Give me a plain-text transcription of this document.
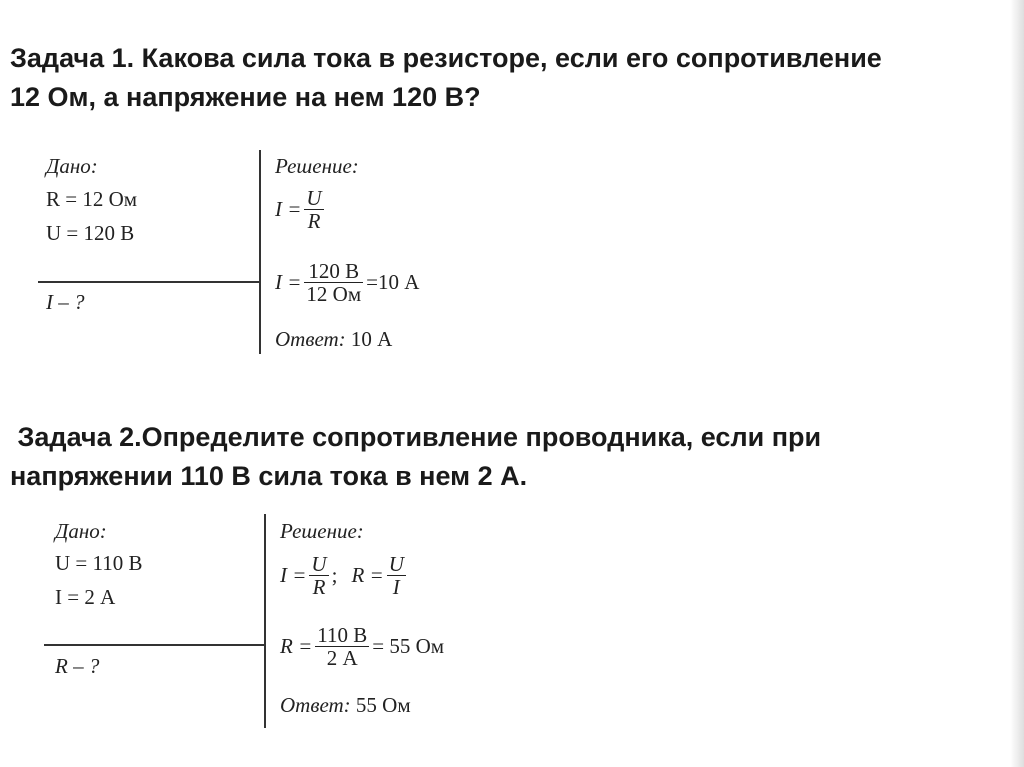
Задача 1. Какова сила тока в резисторе, если его сопротивление
12 Ом, а напряжение на нем 120 В?
Дано:
R = 12 Ом
U = 120 В
I – ?
Решение:
$I = \frac{U}{R}$
$I = \frac{120 В}{12 Ом} =10$ А
Ответ: 10 А
Задача 2.Определите сопротивление проводника, если при
напряжении 110 В сила тока в нем 2 А.
Дано:
U = 110 В
I = 2 А
R – ?
Решение:
$I = \frac{U}{R}$ ; $R = \frac{U}{I}$
$R = \frac{110 В}{2 А} = 55$ Ом
Ответ: 55 Ом
